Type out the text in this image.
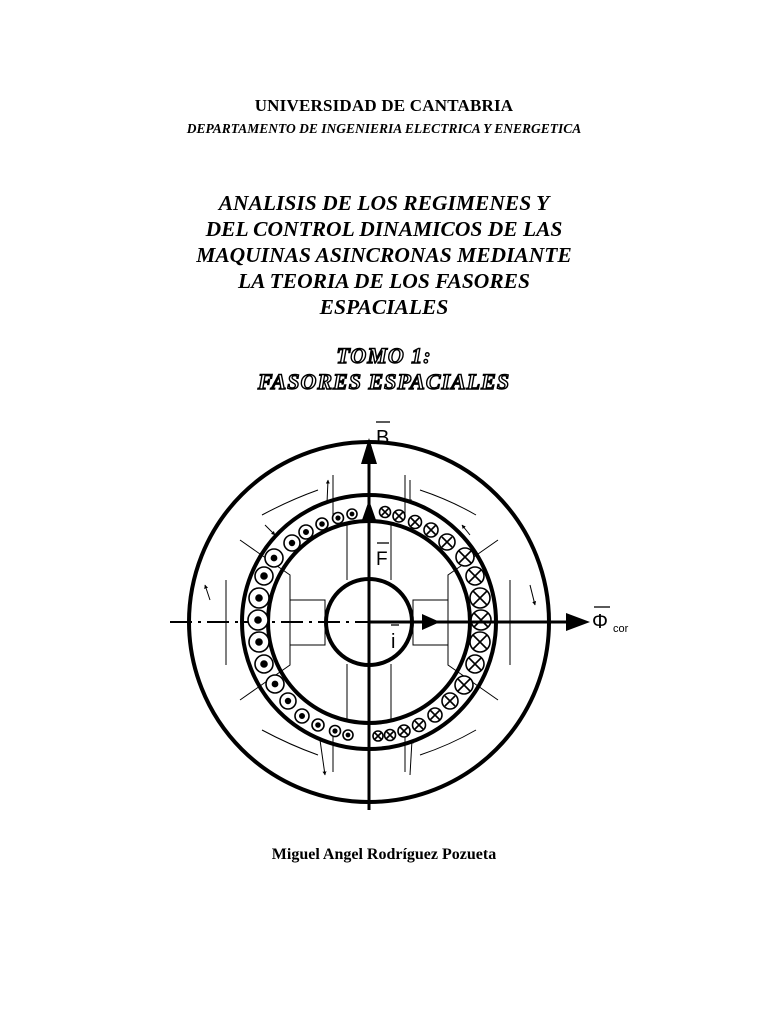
UNIVERSIDAD DE CANTABRIA
DEPARTAMENTO DE INGENIERIA ELECTRICA Y ENERGETICA
ANALISIS DE LOS REGIMENES Y
DEL CONTROL DINAMICOS DE LAS
MAQUINAS ASINCRONAS MEDIANTE
LA TEORIA DE LOS FASORES
ESPACIALES
TOMO 1:
FASORES ESPACIALES
B
F
i
Φ cor
Miguel Angel Rodríguez Pozueta
